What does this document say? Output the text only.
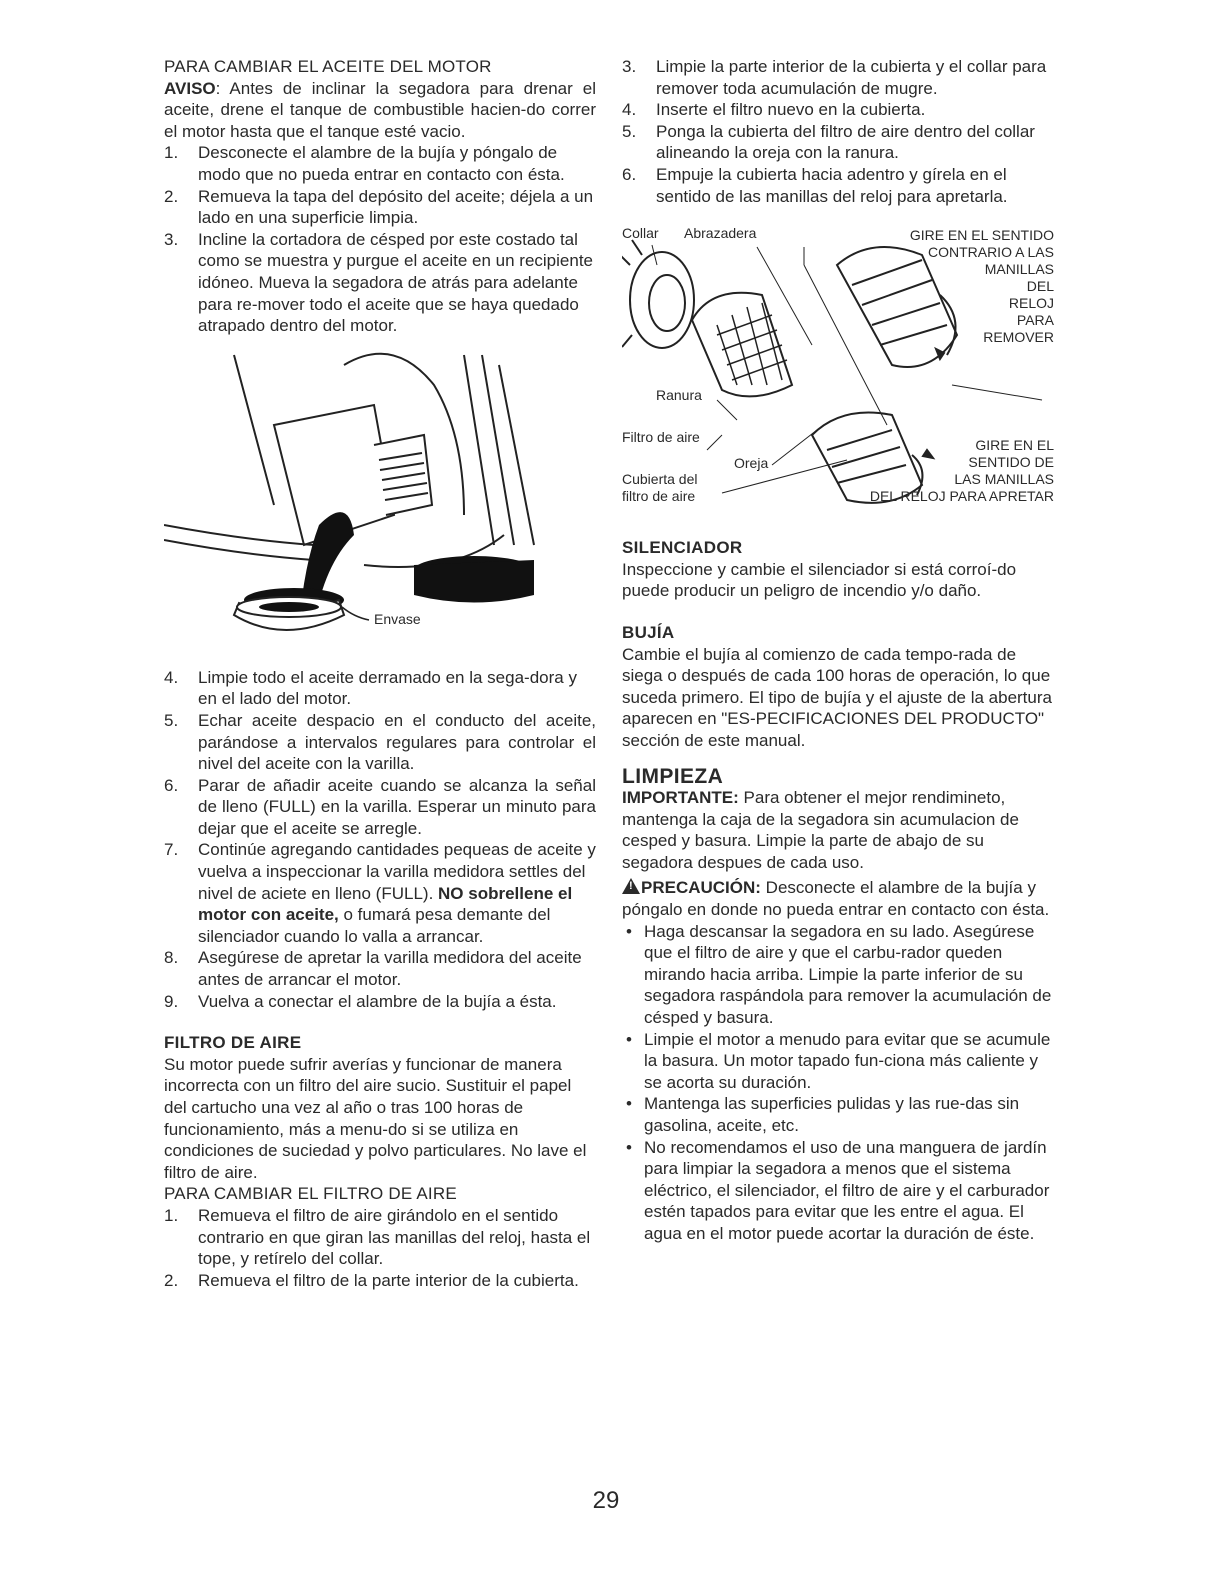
PARA CAMBIAR EL ACEITE DEL MOTOR

AVISO: Antes de inclinar la segadora para drenar el aceite, drene el tanque de combustible hacien-do correr el motor hasta que el tanque esté vacio.

1. Desconecte el alambre de la bujía y póngalo de modo que no pueda entrar en contacto con ésta.
2. Remueva la tapa del depósito del aceite; déjela a un lado en una superficie limpia.
3. Incline la cortadora de césped por este costado tal como se muestra y purgue el aceite en un recipiente idóneo. Mueva la segadora de atrás para adelante para re-mover todo el aceite que se haya quedado atrapado dentro del motor.
Envase
4. Limpie todo el aceite derramado en la sega-dora y en el lado del motor.
5. Echar aceite despacio en el conducto del aceite, parándose a intervalos regulares para controlar el nivel del aceite con la varilla.
6. Parar de añadir aceite cuando se alcanza la señal de lleno (FULL) en la varilla. Esperar un minuto para dejar que el aceite se arregle.
7. Continúe agregando cantidades pequeas de aceite y vuelva a inspeccionar la varilla medidora settles del nivel de aciete en lleno (FULL). NO sobrellene el motor con aceite, o fumará pesa demante del silenciador cuando lo valla a arrancar.
8. Asegúrese de apretar la varilla medidora del aceite antes de arrancar el motor.
9. Vuelva a conectar el alambre de la bujía a ésta.

FILTRO DE AIRE

Su motor puede sufrir averías y funcionar de manera incorrecta con un filtro del aire sucio. Sustituir el papel del cartucho una vez al año o tras 100 horas de funcionamiento, más a menu-do si se utiliza en condiciones de suciedad y polvo particulares. No lave el filtro de aire.

PARA CAMBIAR EL FILTRO DE AIRE

1. Remueva el filtro de aire girándolo en el sentido contrario en que giran las manillas del reloj, hasta el tope, y retírelo del collar.
2. Remueva el filtro de la parte interior de la cubierta.
3. Limpie la parte interior de la cubierta y el collar para remover toda acumulación de mugre.
4. Inserte el filtro nuevo en la cubierta.
5. Ponga la cubierta del filtro de aire dentro del collar alineando la oreja con la ranura.
6. Empuje la cubierta hacia adentro y gírela en el sentido de las manillas del reloj para apretarla.
Collar Abrazadera	GIRE EN EL SENTIDO
CONTRARIO A LAS
MANILLAS
DEL
RELOJ
PARA
REMOVER
Ranura
Filtro de aire
Oreja
Cubierta del
filtro de aire
GIRE EN EL
SENTIDO DE
LAS MANILLAS
DEL RELOJ PARA APRETAR

SILENCIADOR

Inspeccione y cambie el silenciador si está corroí-do puede producir un peligro de incendio y/o daño.

BUJÍA

Cambie el bujía al comienzo de cada tempo-rada de siega o después de cada 100 horas de operación, lo que suceda primero. El tipo de bujía y el ajuste de la abertura aparecen en "ES-PECIFICACIONES DEL PRODUCTO" sección de este manual.

LIMPIEZA

IMPORTANTE: Para obtener el mejor rendimineto, mantenga la caja de la segadora sin acumulacion de cesped y basura. Limpie la parte de abajo de su segadora despues de cada uso.

!PRECAUCIÓN: Desconecte el alambre de la bujía y póngalo en donde no pueda entrar en contacto con ésta.

• Haga descansar la segadora en su lado. Asegúrese que el filtro de aire y que el carbu-rador queden mirando hacia arriba. Limpie la parte inferior de su segadora raspándola para remover la acumulación de césped y basura.
• Limpie el motor a menudo para evitar que se acumule la basura. Un motor tapado fun-ciona más caliente y se acorta su duración.
• Mantenga las superficies pulidas y las rue-das sin gasolina, aceite, etc.
• No recomendamos el uso de una manguera de jardín para limpiar la segadora a menos que el sistema eléctrico, el silenciador, el filtro de aire y el carburador estén tapados para evitar que les entre el agua. El agua en el motor puede acortar la duración de éste.
29
